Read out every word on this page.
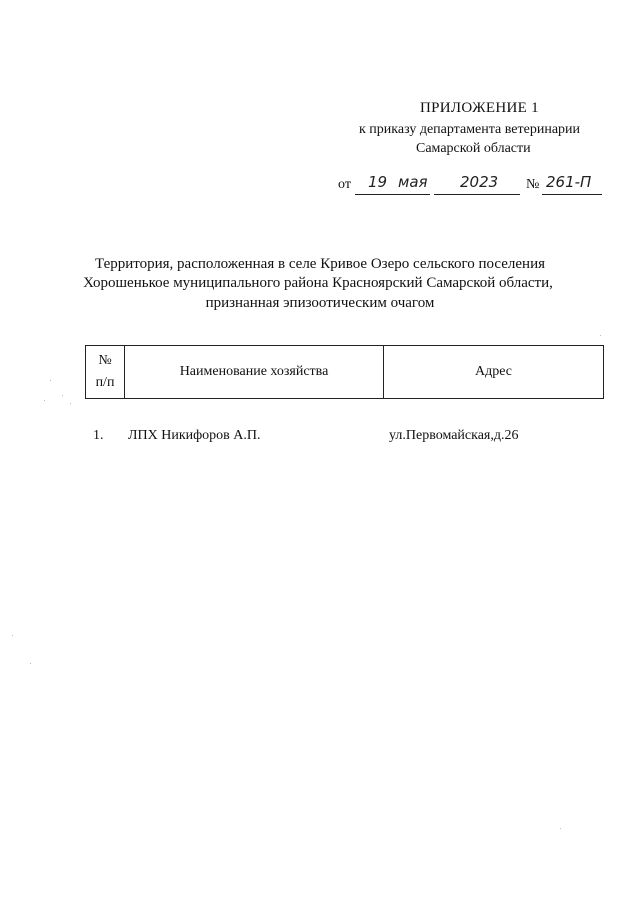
ПРИЛОЖЕНИЕ 1
к приказу департамента ветеринарии
Самарской области
от 19 мая 2023 № 261-П
Территория, расположенная в селе Кривое Озеро сельского поселения
Хорошенькое муниципального района Красноярский Самарской области,
признанная эпизоотическим очагом
№
п/п
	Наименование хозяйства	Адрес
1. ЛПХ Никифоров А.П.	ул.Первомайская,д.26
